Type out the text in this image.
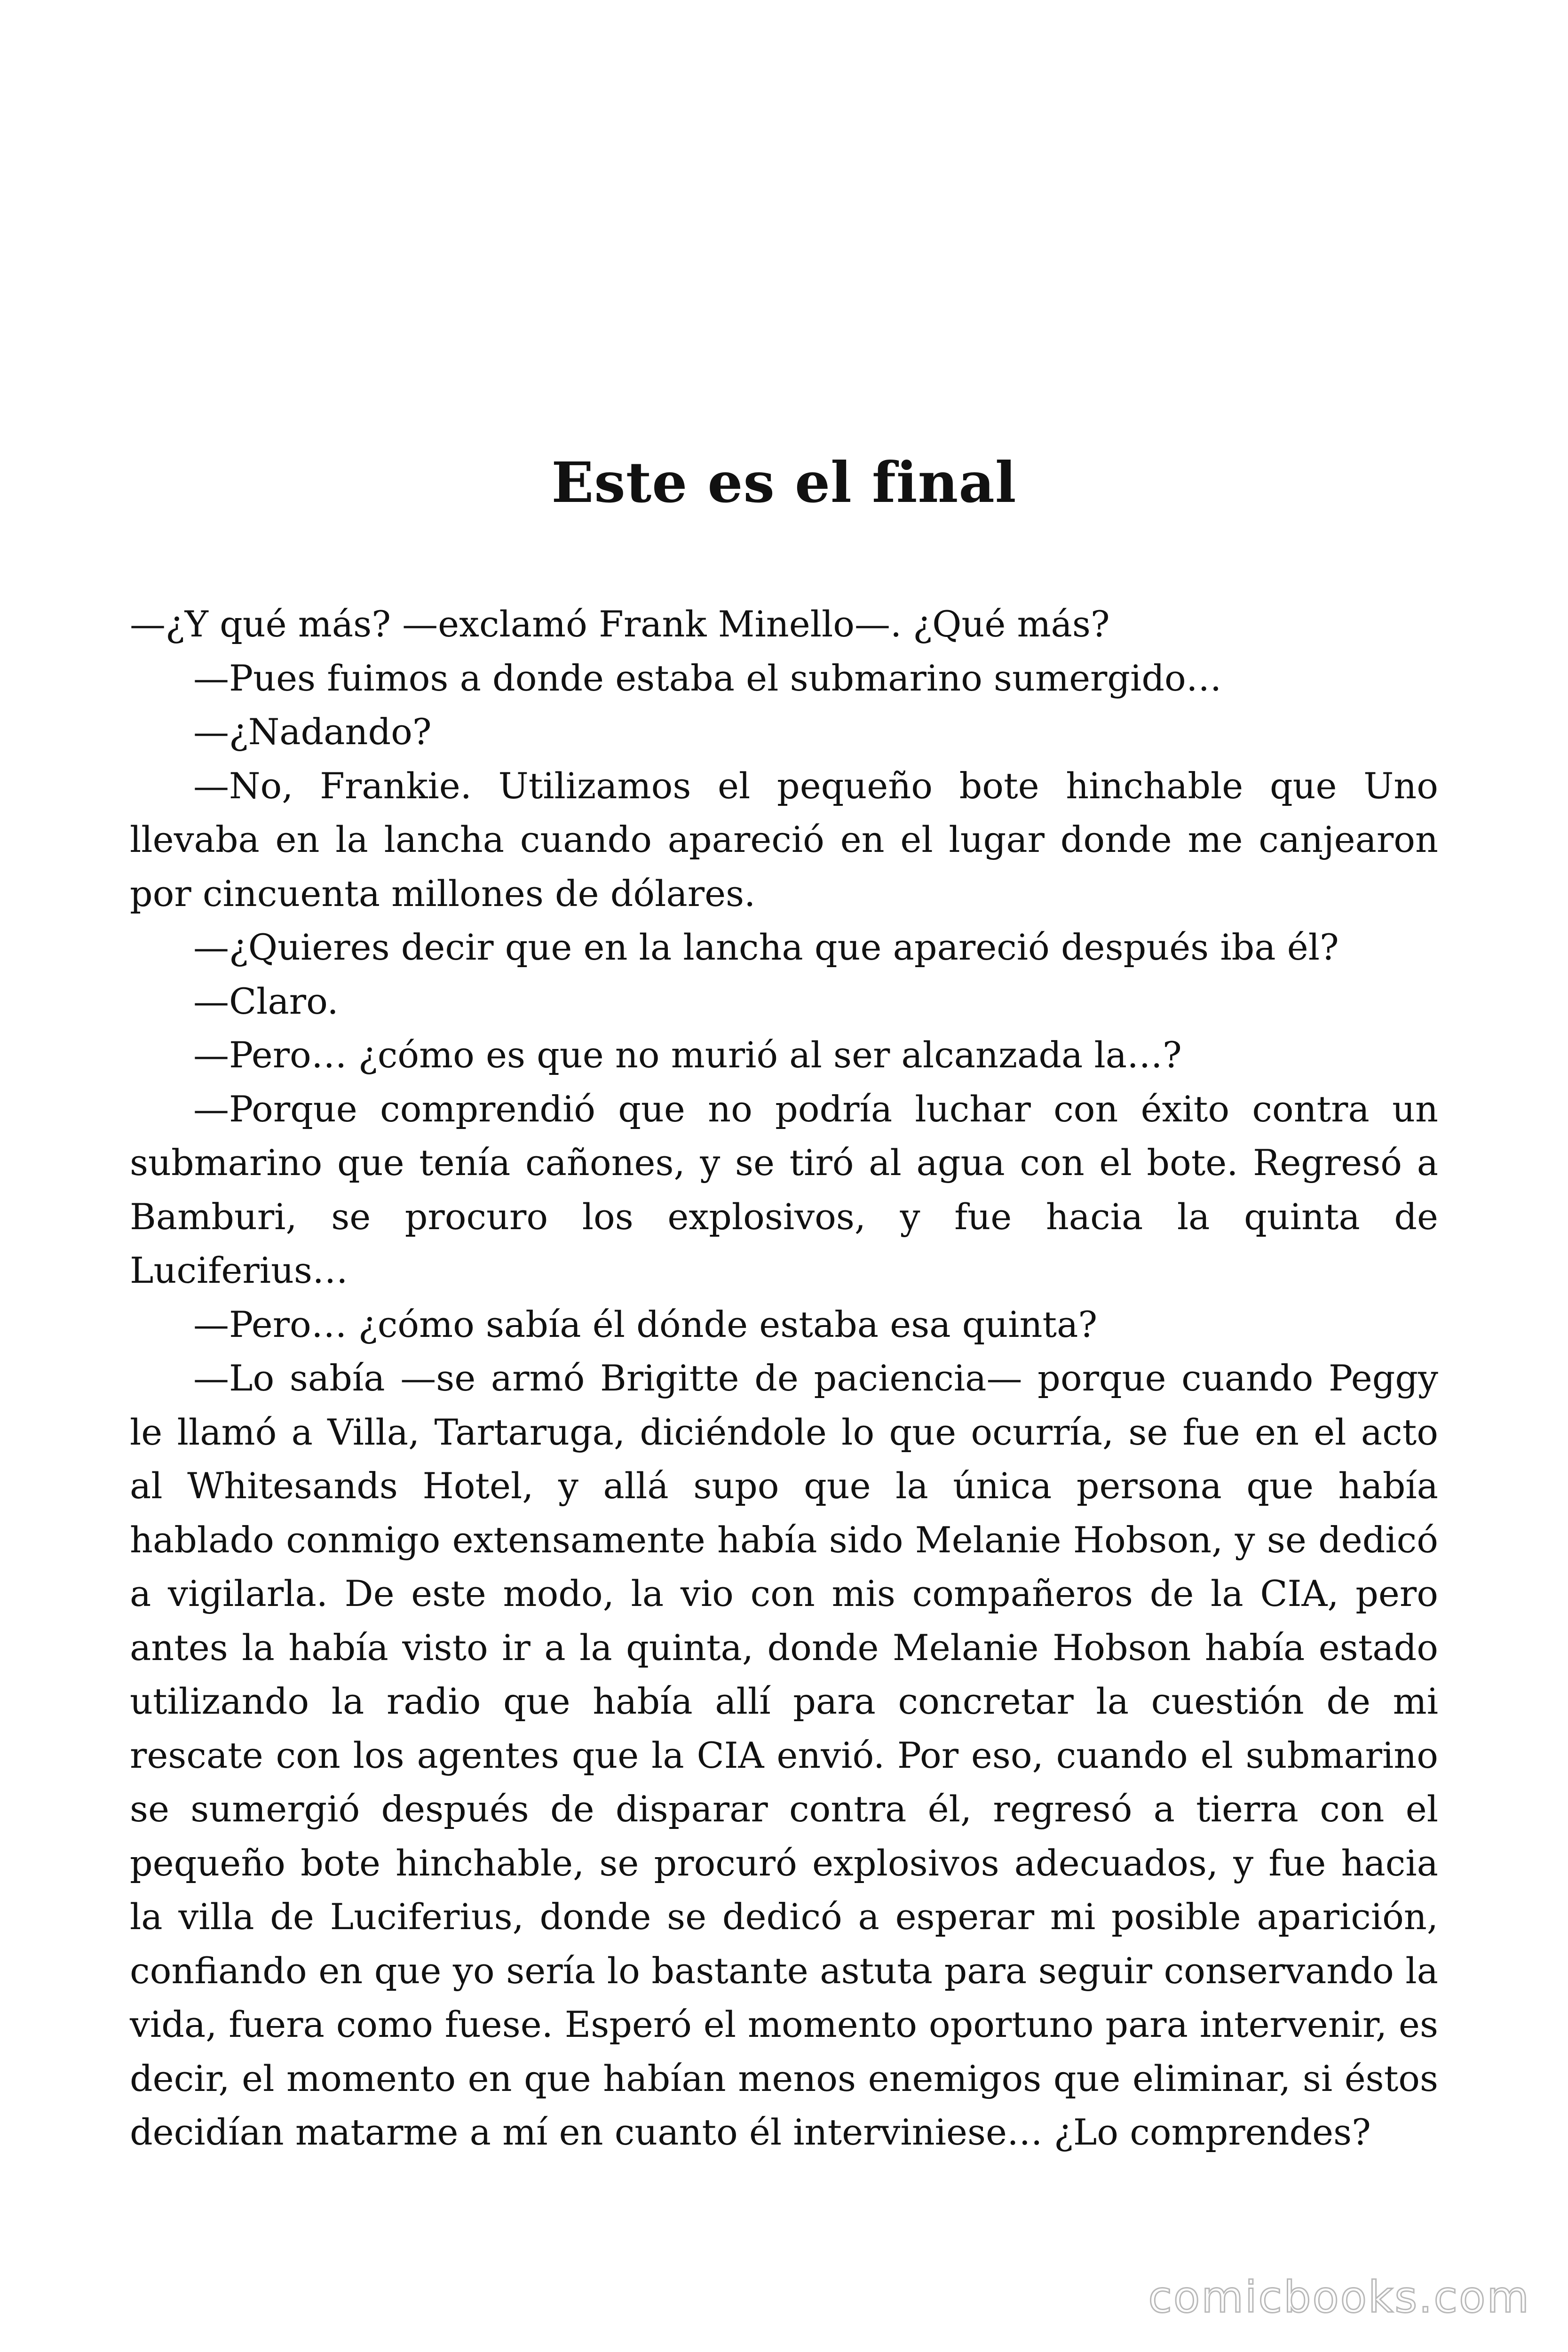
Este es el final

—¿Y qué más? —exclamó Frank Minello—. ¿Qué más?

—Pues fuimos a donde estaba el submarino sumergido…

—¿Nadando?

—No, Frankie. Utilizamos el pequeño bote hinchable que Uno llevaba en la lancha cuando apareció en el lugar donde me canjearon por cincuenta millones de dólares.

—¿Quieres decir que en la lancha que apareció después iba él?

—Claro.

—Pero… ¿cómo es que no murió al ser alcanzada la…?

—Porque comprendió que no podría luchar con éxito contra un submarino que tenía cañones, y se tiró al agua con el bote. Regresó a Bamburi, se procuro los explosivos, y fue hacia la quinta de Luciferius…

—Pero… ¿cómo sabía él dónde estaba esa quinta?

—Lo sabía —se armó Brigitte de paciencia— porque cuando Peggy le llamó a Villa, Tartaruga, diciéndole lo que ocurría, se fue en el acto al Whitesands Hotel, y allá supo que la única persona que había hablado conmigo extensamente había sido Melanie Hobson, y se dedicó a vigilarla. De este modo, la vio con mis compañeros de la CIA, pero antes la había visto ir a la quinta, donde Melanie Hobson había estado utilizando la radio que había allí para concretar la cuestión de mi rescate con los agentes que la CIA envió. Por eso, cuando el submarino se sumergió después de disparar contra él, regresó a tierra con el pequeño bote hinchable, se procuró explosivos adecuados, y fue hacia la villa de Luciferius, donde se dedicó a esperar mi posible aparición, confiando en que yo sería lo bastante astuta para seguir conservando la vida, fuera como fuese. Esperó el momento oportuno para intervenir, es decir, el momento en que habían menos enemigos que eliminar, si éstos decidían matarme a mí en cuanto él interviniese… ¿Lo comprendes?

comicbooks.com
